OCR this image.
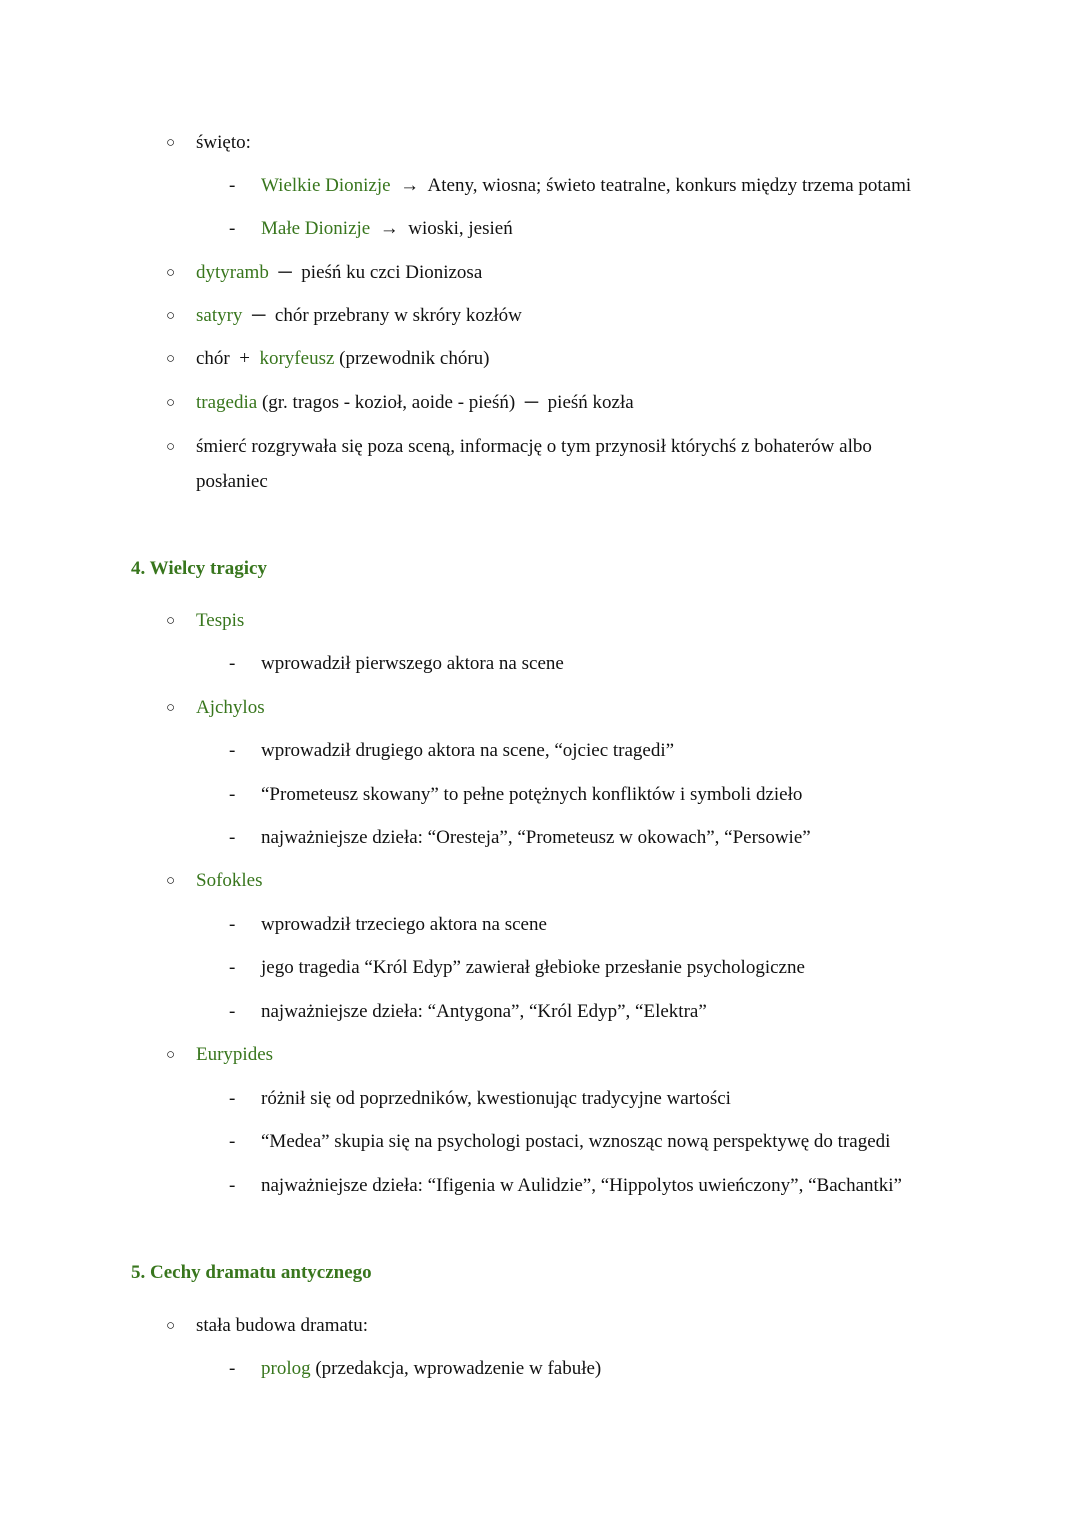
○ święto:
- Wielkie Dionizje  →  Ateny, wiosna; świeto teatralne, konkurs między trzema potami
- Małe Dionizje  →  wioski, jesień
○ dytyramb  ─  pieśń ku czci Dionizosa
○ satyry  ─  chór przebrany w skróry kozłów
○ chór  +  koryfeusz (przewodnik chóru)
○ tragedia (gr. tragos - kozioł, aoide - pieśń)  ─  pieśń kozła
○ śmierć rozgrywała się poza sceną, informację o tym przynosił którychś z bohaterów albo
posłaniec
4. Wielcy tragicy
○ Tespis
- wprowadził pierwszego aktora na scene
○ Ajchylos
- wprowadził drugiego aktora na scene, “ojciec tragedi”
- “Prometeusz skowany” to pełne potężnych konfliktów i symboli dzieło
- najważniejsze dzieła: “Oresteja”, “Prometeusz w okowach”, “Persowie”
○ Sofokles
- wprowadził trzeciego aktora na scene
- jego tragedia “Król Edyp” zawierał głebioke przesłanie psychologiczne
- najważniejsze dzieła: “Antygona”, “Król Edyp”, “Elektra”
○ Eurypides
- różnił się od poprzedników, kwestionując tradycyjne wartości
- “Medea” skupia się na psychologi postaci, wznosząc nową perspektywę do tragedi
- najważniejsze dzieła: “Ifigenia w Aulidzie”, “Hippolytos uwieńczony”, “Bachantki”
5. Cechy dramatu antycznego
○ stała budowa dramatu:
- prolog (przedakcja, wprowadzenie w fabułe)
